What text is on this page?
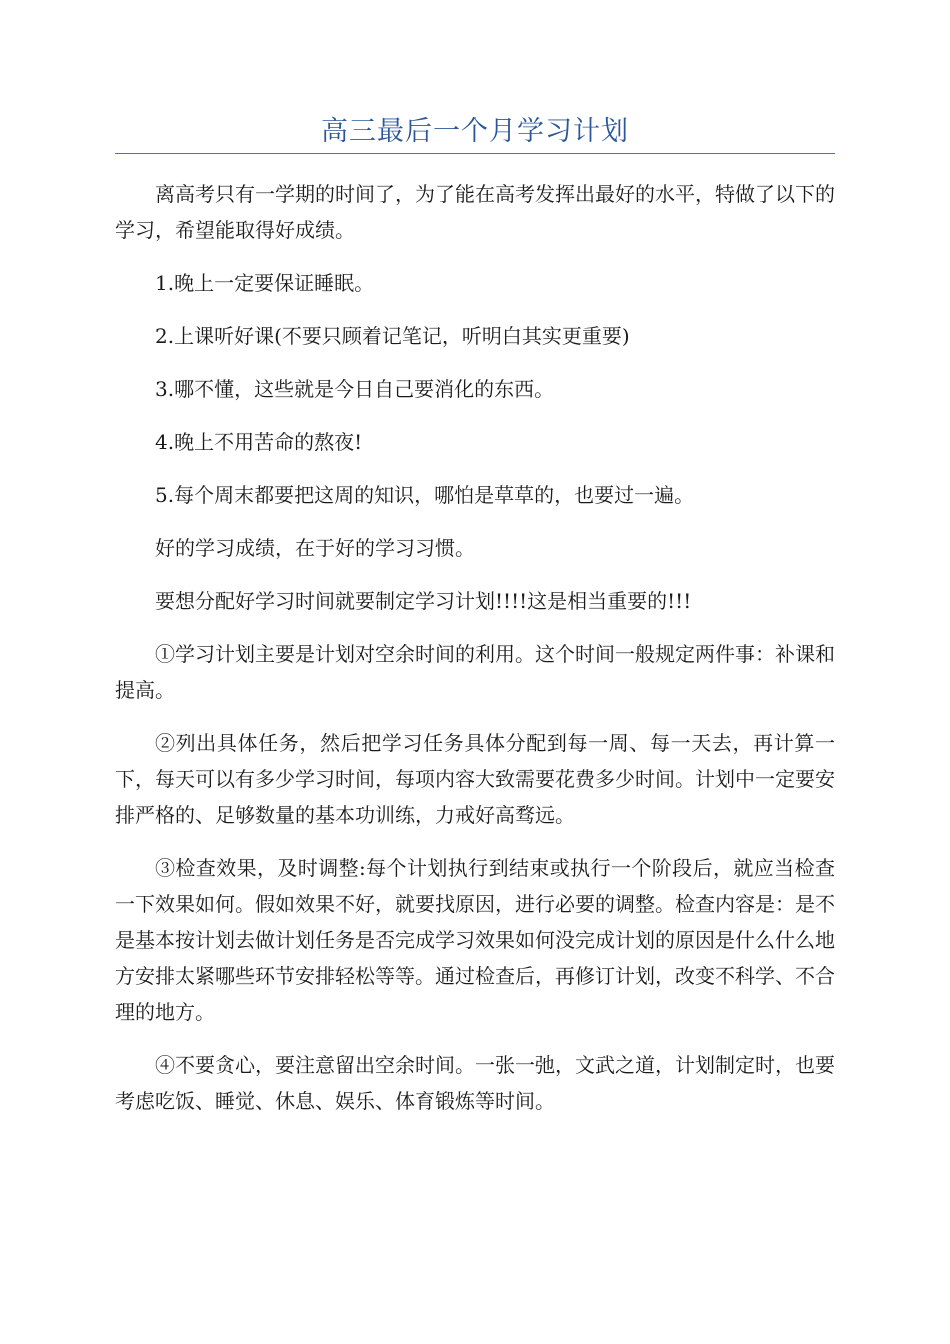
高三最后一个月学习计划

离高考只有一学期的时间了，为了能在高考发挥出最好的水平，特做了以下的学习，希望能取得好成绩。

1.晚上一定要保证睡眠。

2.上课听好课(不要只顾着记笔记，听明白其实更重要)

3.哪不懂，这些就是今日自己要消化的东西。

4.晚上不用苦命的熬夜!

5.每个周末都要把这周的知识，哪怕是草草的，也要过一遍。

好的学习成绩，在于好的学习习惯。

要想分配好学习时间就要制定学习计划!!!!这是相当重要的!!!

①学习计划主要是计划对空余时间的利用。这个时间一般规定两件事：补课和提高。

②列出具体任务，然后把学习任务具体分配到每一周、每一天去，再计算一下，每天可以有多少学习时间，每项内容大致需要花费多少时间。计划中一定要安排严格的、足够数量的基本功训练，力戒好高骛远。

③检查效果，及时调整:每个计划执行到结束或执行一个阶段后，就应当检查一下效果如何。假如效果不好，就要找原因，进行必要的调整。检查内容是：是不是基本按计划去做计划任务是否完成学习效果如何没完成计划的原因是什么什么地方安排太紧哪些环节安排轻松等等。通过检查后，再修订计划，改变不科学、不合理的地方。

④不要贪心，要注意留出空余时间。一张一弛，文武之道，计划制定时，也要考虑吃饭、睡觉、休息、娱乐、体育锻炼等时间。
